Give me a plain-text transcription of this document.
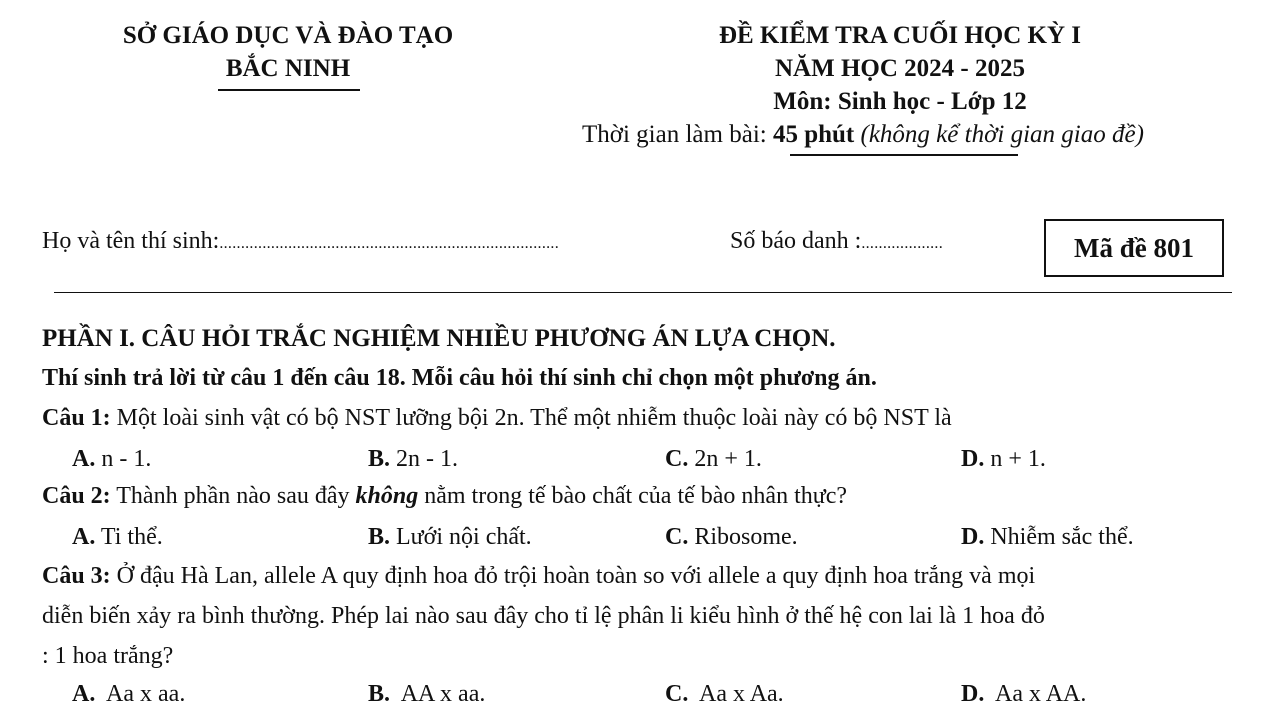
SỞ GIÁO DỤC VÀ ĐÀO TẠO
BẮC NINH
ĐỀ KIỂM TRA CUỐI HỌC KỲ I
NĂM HỌC 2024 - 2025
Môn: Sinh học - Lớp 12
Thời gian làm bài: 45 phút (không kể thời gian giao đề)
Họ và tên thí sinh:...............................................................................	Số báo danh :...................	Mã đề 801
PHẦN I. CÂU HỎI TRẮC NGHIỆM NHIỀU PHƯƠNG ÁN LỰA CHỌN.
Thí sinh trả lời từ câu 1 đến câu 18. Mỗi câu hỏi thí sinh chỉ chọn một phương án.
Câu 1: Một loài sinh vật có bộ NST lưỡng bội 2n. Thể một nhiễm thuộc loài này có bộ NST là
A. n - 1.	B. 2n - 1.	C. 2n + 1.	D. n + 1.
Câu 2: Thành phần nào sau đây không nằm trong tế bào chất của tế bào nhân thực?
A. Ti thể.	B. Lưới nội chất.	C. Ribosome.	D. Nhiễm sắc thể.
Câu 3: Ở đậu Hà Lan, allele A quy định hoa đỏ trội hoàn toàn so với allele a quy định hoa trắng và mọi
diễn biến xảy ra bình thường. Phép lai nào sau đây cho tỉ lệ phân li kiểu hình ở thế hệ con lai là 1 hoa đỏ
: 1 hoa trắng?
A. Aa x aa.	B. AA x aa.	C. Aa x Aa.	D. Aa x AA.
